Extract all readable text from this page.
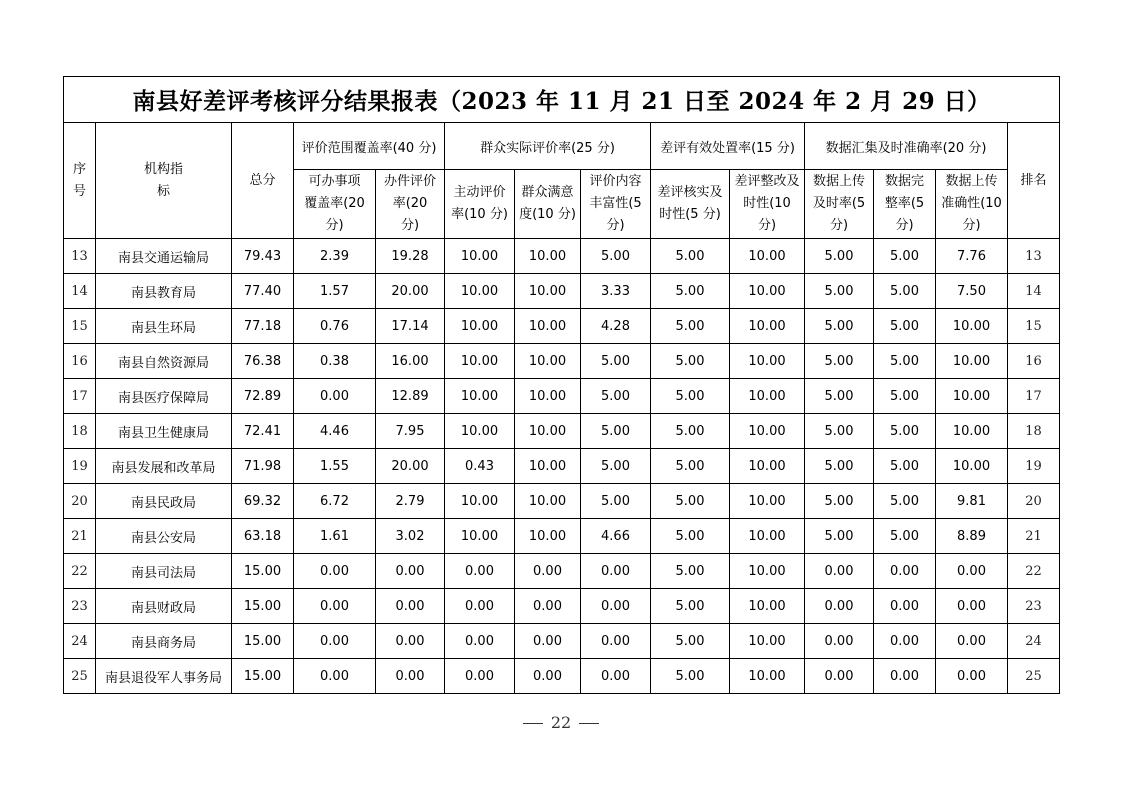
南县好差评考核评分结果报表（2023 年 11 月 21 日至 2024 年 2 月 29 日）													
序号	机构指标	总分	评价范围覆盖率(40 分)		群众实际评价率(25 分)			差评有效处置率(15 分)		数据汇集及时准确率(20 分)			排名
			可办事项覆盖率(20 分)	办件评价率(20 分)	主动评价率(10 分)	群众满意度(10 分)	评价内容丰富性(5 分)	差评核实及时性(5 分)	差评整改及时性(10 分)	数据上传及时率(5 分)	数据完整率(5 分)	数据上传准确性(10 分)	
13	南县交通运输局	79.43	2.39	19.28	10.00	10.00	5.00	5.00	10.00	5.00	5.00	7.76	13
14	南县教育局	77.40	1.57	20.00	10.00	10.00	3.33	5.00	10.00	5.00	5.00	7.50	14
15	南县生环局	77.18	0.76	17.14	10.00	10.00	4.28	5.00	10.00	5.00	5.00	10.00	15
16	南县自然资源局	76.38	0.38	16.00	10.00	10.00	5.00	5.00	10.00	5.00	5.00	10.00	16
17	南县医疗保障局	72.89	0.00	12.89	10.00	10.00	5.00	5.00	10.00	5.00	5.00	10.00	17
18	南县卫生健康局	72.41	4.46	7.95	10.00	10.00	5.00	5.00	10.00	5.00	5.00	10.00	18
19	南县发展和改革局	71.98	1.55	20.00	0.43	10.00	5.00	5.00	10.00	5.00	5.00	10.00	19
20	南县民政局	69.32	6.72	2.79	10.00	10.00	5.00	5.00	10.00	5.00	5.00	9.81	20
21	南县公安局	63.18	1.61	3.02	10.00	10.00	4.66	5.00	10.00	5.00	5.00	8.89	21
22	南县司法局	15.00	0.00	0.00	0.00	0.00	0.00	5.00	10.00	0.00	0.00	0.00	22
23	南县财政局	15.00	0.00	0.00	0.00	0.00	0.00	5.00	10.00	0.00	0.00	0.00	23
24	南县商务局	15.00	0.00	0.00	0.00	0.00	0.00	5.00	10.00	0.00	0.00	0.00	24
25	南县退役军人事务局	15.00	0.00	0.00	0.00	0.00	0.00	5.00	10.00	0.00	0.00	0.00	25
22
